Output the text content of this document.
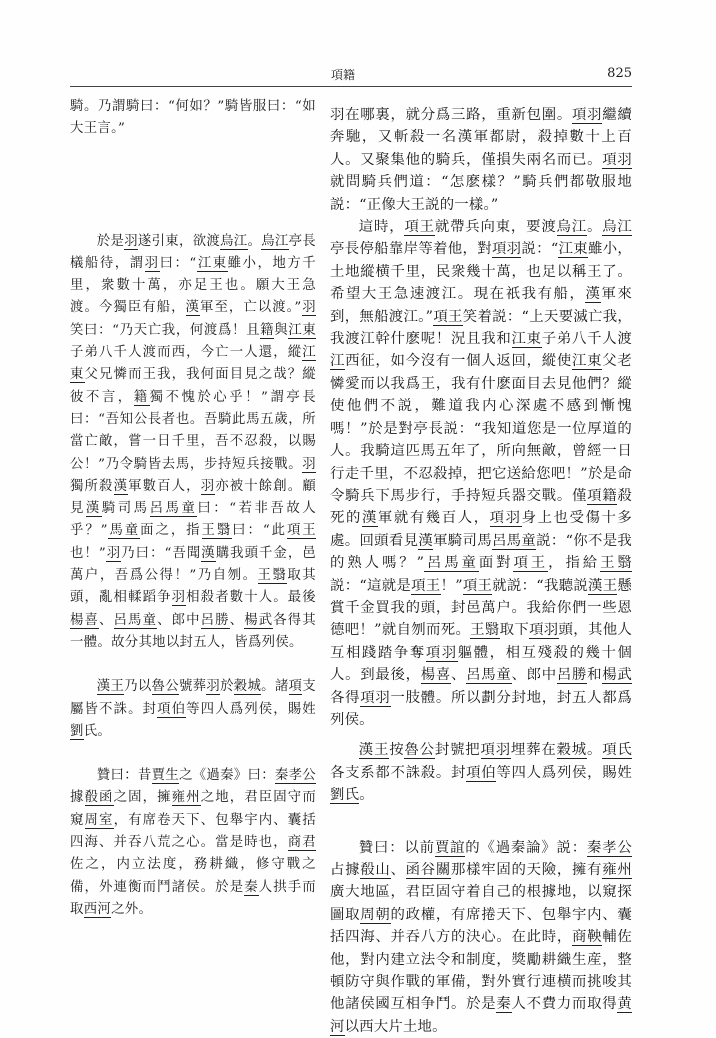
項籍	825

騎。乃謂騎曰：“何如？”騎皆服曰：“如大王言。”

於是羽遂引東，欲渡烏江。烏江亭長檥船待，謂羽曰：“江東雖小，地方千里，衆數十萬，亦足王也。願大王急渡。今獨臣有船，漢軍至，亡以渡。”羽笑曰：“乃天亡我，何渡爲！且籍與江東子弟八千人渡而西，今亡一人還，縱江東父兄憐而王我，我何面目見之哉？縱彼不言，籍獨不愧於心乎！”謂亭長曰：“吾知公長者也。吾騎此馬五歲，所當亡敵，嘗一日千里，吾不忍殺，以賜公！”乃令騎皆去馬，步持短兵接戰。羽獨所殺漢軍數百人，羽亦被十餘創。顧見漢騎司馬呂馬童曰：“若非吾故人乎？”馬童面之，指王翳曰：“此項王也！”羽乃曰：“吾聞漢購我頭千金，邑萬户，吾爲公得！”乃自刎。王翳取其頭，亂相輮蹈争羽相殺者數十人。最後楊喜、呂馬童、郎中呂勝、楊武各得其一體。故分其地以封五人，皆爲列侯。

漢王乃以魯公號葬羽於穀城。諸項支屬皆不誅。封項伯等四人爲列侯，賜姓劉氏。

贊曰：昔賈生之《過秦》曰：秦孝公據殽函之固，擁雍州之地，君臣固守而窺周室，有席卷天下、包舉宇内、囊括四海、并吞八荒之心。當是時也，商君佐之，内立法度，務耕織，修守戰之備，外連衡而鬥諸侯。於是秦人拱手而取西河之外。

羽在哪裏，就分爲三路，重新包圍。項羽繼續奔馳，又斬殺一名漢軍都尉，殺掉數十上百人。又聚集他的騎兵，僅損失兩名而已。項羽就問騎兵們道：“怎麽樣？”騎兵們都敬服地説：“正像大王説的一樣。”

這時，項王就帶兵向東，要渡烏江。烏江亭長停船靠岸等着他，對項羽説：“江東雖小，土地縱横千里，民衆幾十萬，也足以稱王了。希望大王急速渡江。現在祇我有船，漢軍來到，無船渡江。”項王笑着説：“上天要滅亡我，我渡江幹什麽呢！況且我和江東子弟八千人渡江西征，如今沒有一個人返回，縱使江東父老憐愛而以我爲王，我有什麽面目去見他們？縱使他們不説，難道我内心深處不感到慚愧嗎！”於是對亭長説：“我知道您是一位厚道的人。我騎這匹馬五年了，所向無敵，曾經一日行走千里，不忍殺掉，把它送給您吧！”於是命令騎兵下馬步行，手持短兵器交戰。僅項籍殺死的漢軍就有幾百人，項羽身上也受傷十多處。回頭看見漢軍騎司馬呂馬童説：“你不是我的熟人嗎？”呂馬童面對項王，指給王翳説：“這就是項王！”項王就説：“我聽説漢王懸賞千金買我的頭，封邑萬户。我給你們一些恩德吧！”就自刎而死。王翳取下項羽頭，其他人互相踐踏争奪項羽軀體，相互殘殺的幾十個人。到最後，楊喜、呂馬童、郎中呂勝和楊武各得項羽一肢體。所以劃分封地，封五人都爲列侯。

漢王按魯公封號把項羽埋葬在穀城。項氏各支系都不誅殺。封項伯等四人爲列侯，賜姓劉氏。

贊曰：以前賈誼的《過秦論》説：秦孝公占據殽山、函谷關那樣牢固的天險，擁有雍州廣大地區，君臣固守着自己的根據地，以窺探圖取周朝的政權，有席捲天下、包舉宇内、囊括四海、并吞八方的決心。在此時，商鞅輔佐他，對内建立法令和制度，獎勵耕織生産，整頓防守與作戰的軍備，對外實行連横而挑唆其他諸侯國互相争鬥。於是秦人不費力而取得黄河以西大片土地。
